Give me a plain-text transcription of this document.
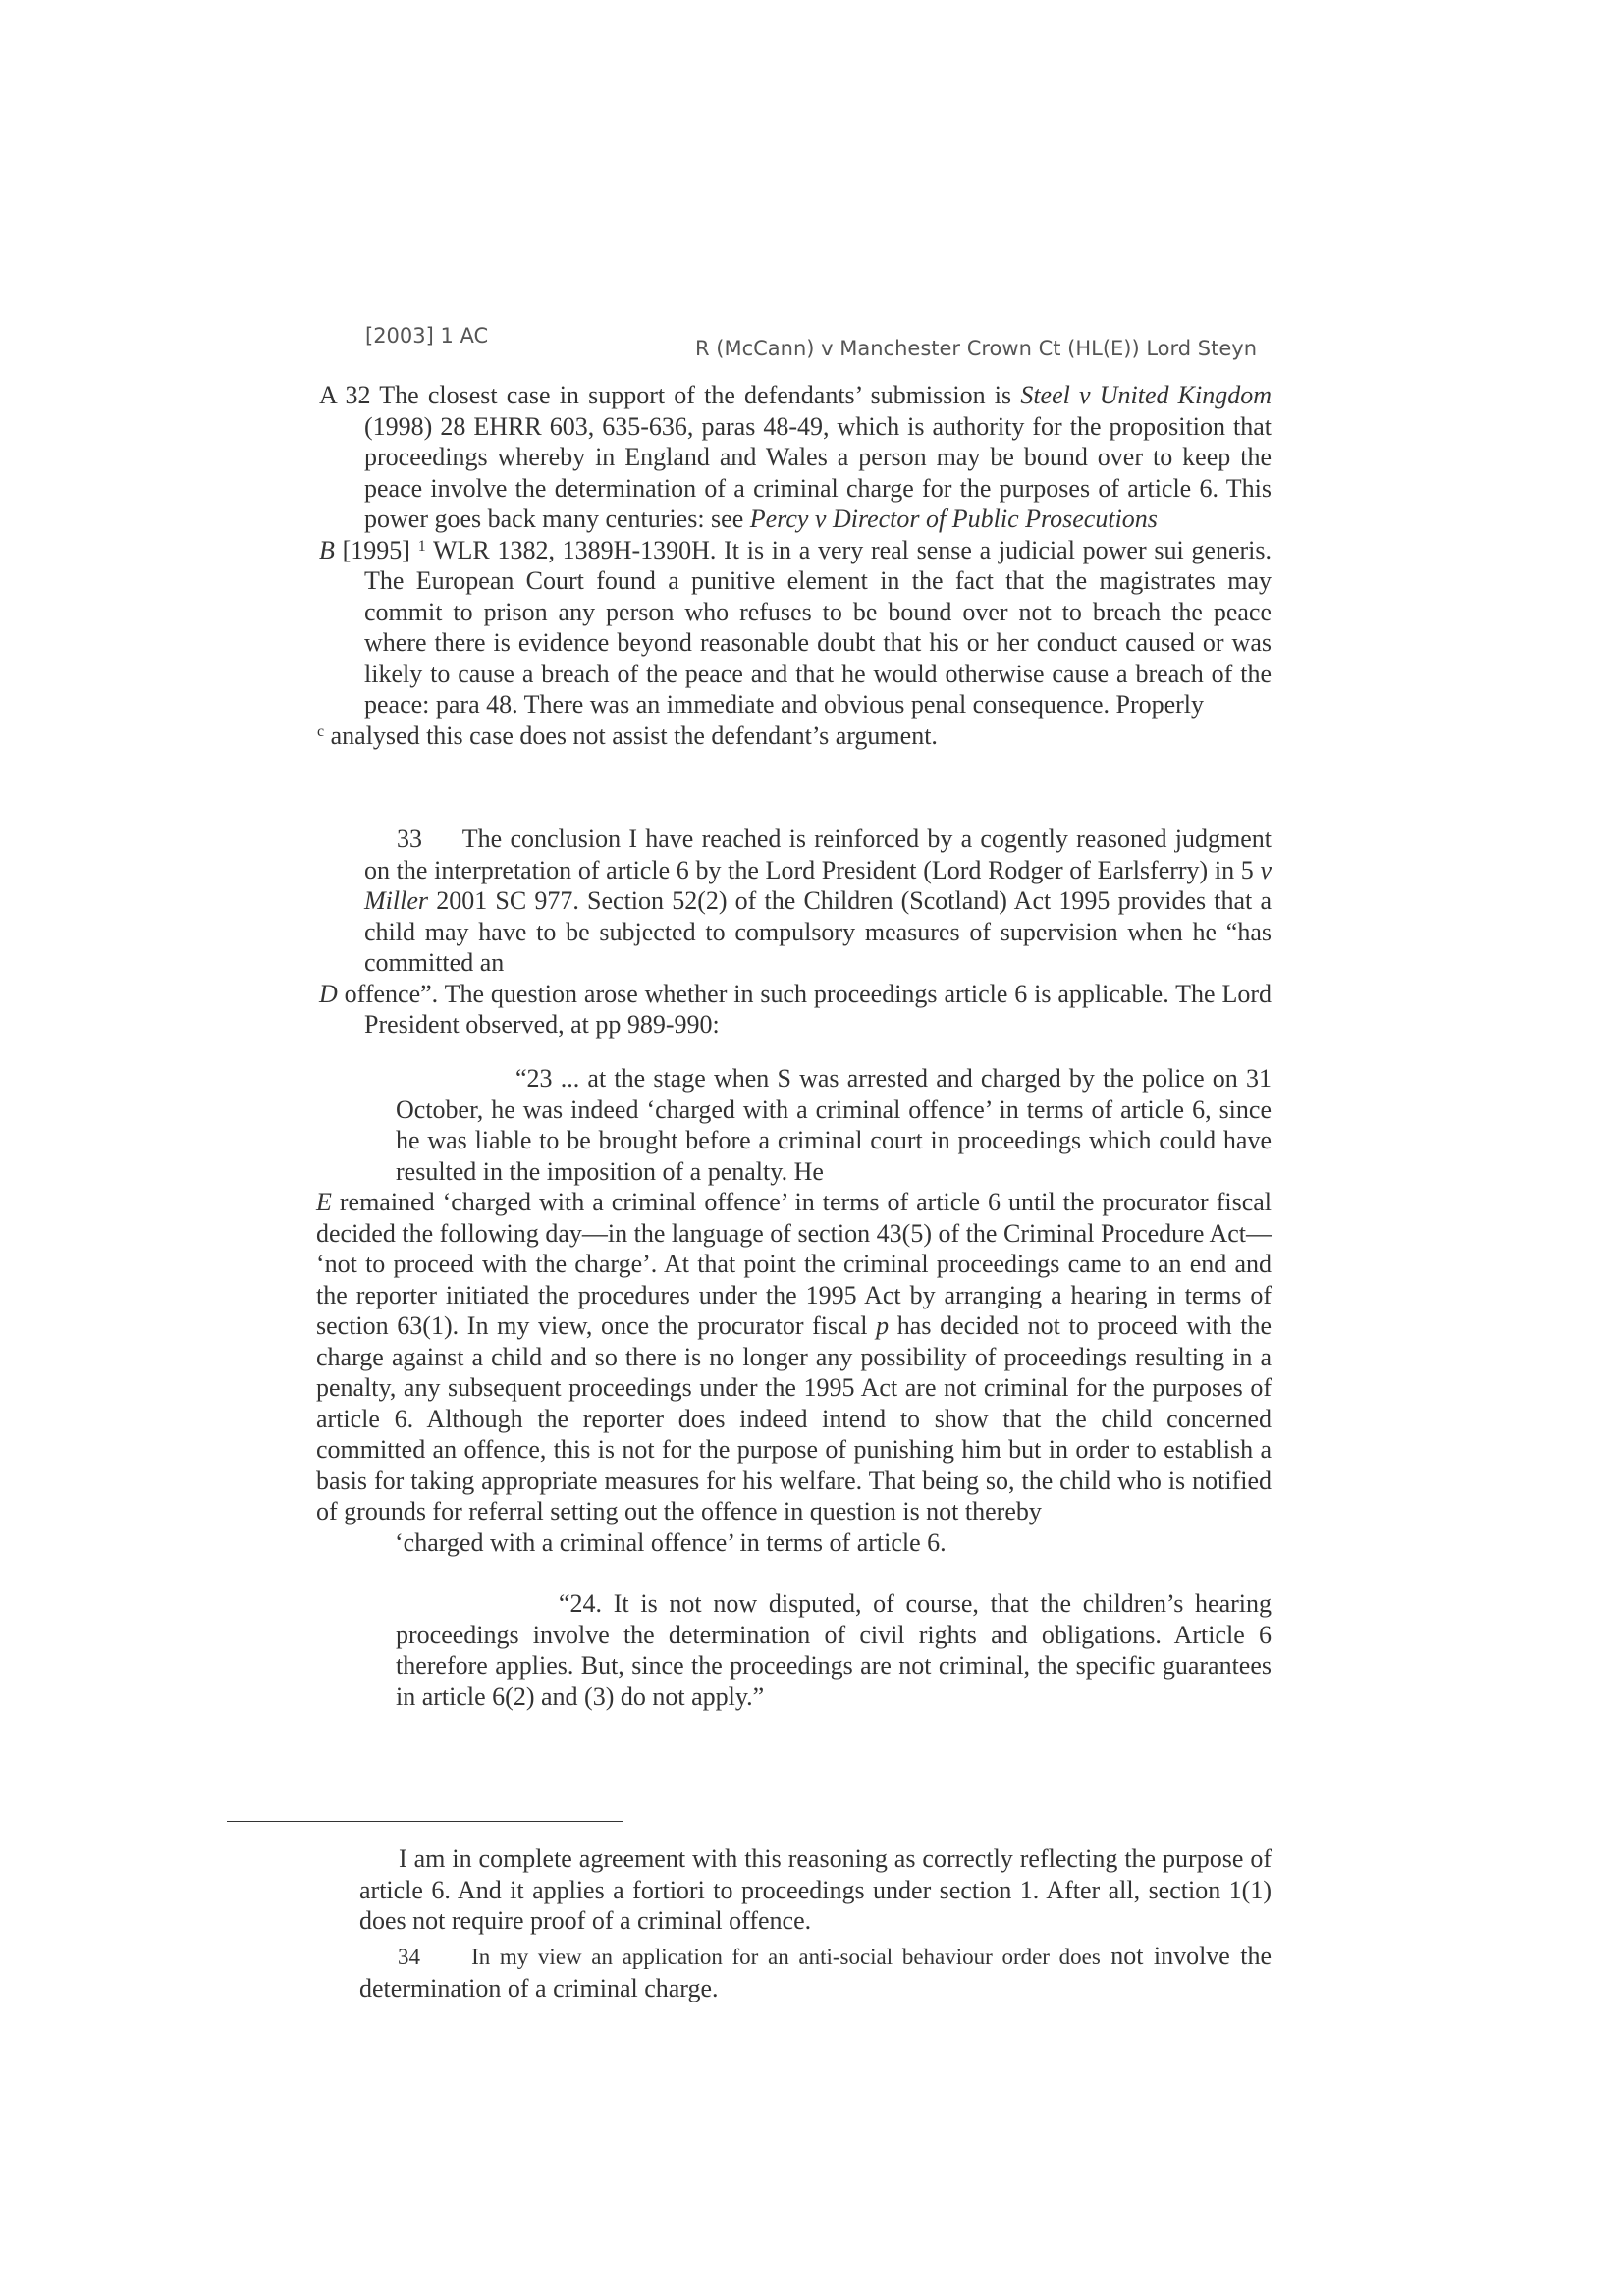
[2003] 1 AC
R (McCann) v Manchester Crown Ct (HL(E)) Lord Steyn

A 32 The closest case in support of the defendants’ submission is Steel v United Kingdom (1998) 28 EHRR 603, 635-636, paras 48-49, which is authority for the proposition that proceedings whereby in England and Wales a person may be bound over to keep the peace involve the determination of a criminal charge for the purposes of article 6. This power goes back many centuries: see Percy v Director of Public Prosecutions

B [1995] $^1$ WLR 1382, 1389H-1390H. It is in a very real sense a judicial power sui generis. The European Court found a punitive element in the fact that the magistrates may commit to prison any person who refuses to be bound over not to breach the peace where there is evidence beyond reasonable doubt that his or her conduct caused or was likely to cause a breach of the peace and that he would otherwise cause a breach of the peace: para 48. There was an immediate and obvious penal consequence. Properly

$^c$ analysed this case does not assist the defendant’s argument.

33 The conclusion I have reached is reinforced by a cogently reasoned judgment on the interpretation of article 6 by the Lord President (Lord Rodger of Earlsferry) in 5 v Miller 2001 SC 977. Section 52(2) of the Children (Scotland) Act 1995 provides that a child may have to be subjected to compulsory measures of supervision when he “has committed an

D offence”. The question arose whether in such proceedings article 6 is applicable. The Lord President observed, at pp 989-990:

“23 ... at the stage when S was arrested and charged by the police on 31 October, he was indeed ‘charged with a criminal offence’ in terms of article 6, since he was liable to be brought before a criminal court in proceedings which could have resulted in the imposition of a penalty. He

E remained ‘charged with a criminal offence’ in terms of article 6 until the procurator fiscal decided the following day—in the language of section 43(5) of the Criminal Procedure Act— ‘not to proceed with the charge’. At that point the criminal proceedings came to an end and the reporter initiated the procedures under the 1995 Act by arranging a hearing in terms of section 63(1). In my view, once the procurator fiscal p has decided not to proceed with the charge against a child and so there is no longer any possibility of proceedings resulting in a penalty, any subsequent proceedings under the 1995 Act are not criminal for the purposes of article 6. Although the reporter does indeed intend to show that the child concerned committed an offence, this is not for the purpose of punishing him but in order to establish a basis for taking appropriate measures for his welfare. That being so, the child who is notified of grounds for referral setting out the offence in question is not thereby

‘charged with a criminal offence’ in terms of article 6.

“24. It is not now disputed, of course, that the children’s hearing proceedings involve the determination of civil rights and obligations. Article 6 therefore applies. But, since the proceedings are not criminal, the specific guarantees in article 6(2) and (3) do not apply.”

I am in complete agreement with this reasoning as correctly reflecting the purpose of article 6. And it applies a fortiori to proceedings under section 1. After all, section 1(1) does not require proof of a criminal offence.

34 In my view an application for an anti-social behaviour order does not involve the determination of a criminal charge.
